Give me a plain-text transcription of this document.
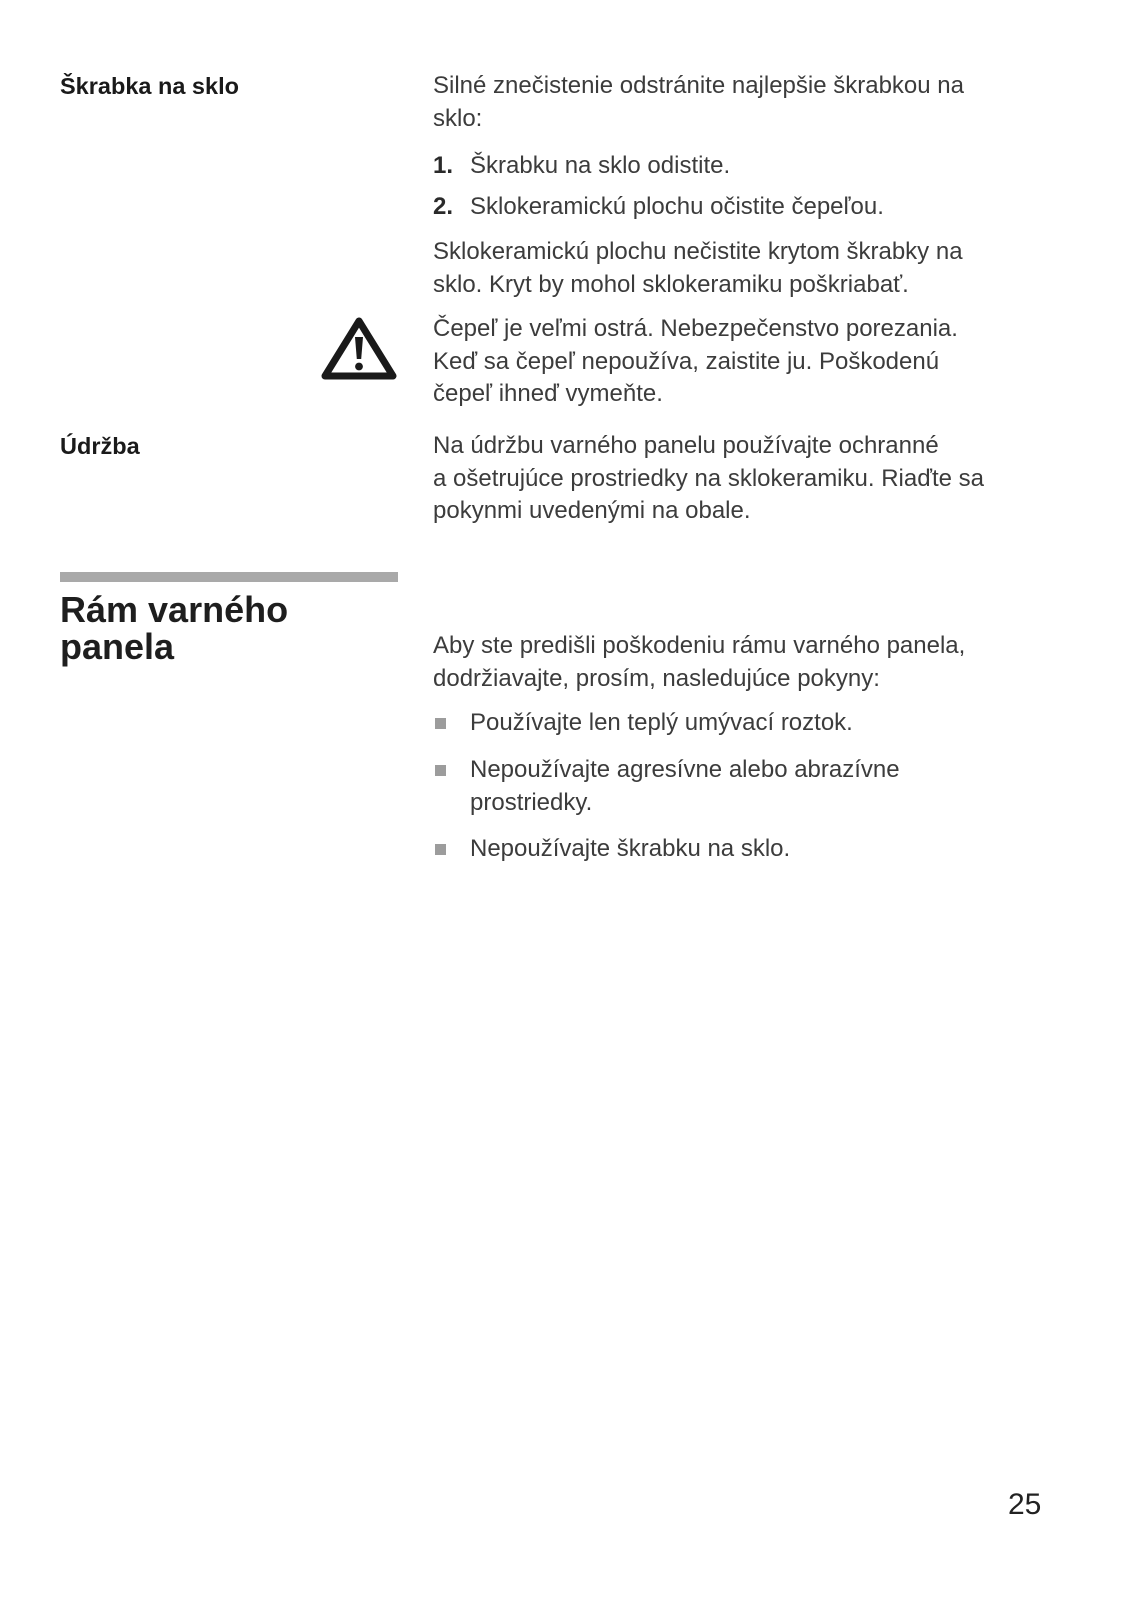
Škrabka na sklo	Silné znečistenie odstránite najlepšie škrabkou na
sklo:
1. Škrabku na sklo odistite.
2. Sklokeramickú plochu očistite čepeľou.
Sklokeramickú plochu nečistite krytom škrabky na
sklo. Kryt by mohol sklokeramiku poškriabať.
Čepeľ je veľmi ostrá. Nebezpečenstvo porezania.
Keď sa čepeľ nepoužíva, zaistite ju. Poškodenú
čepeľ ihneď vymeňte.
Údržba	Na údržbu varného panelu používajte ochranné
a ošetrujúce prostriedky na sklokeramiku. Riaďte sa
pokynmi uvedenými na obale.
Rám varného
panela	Aby ste predišli poškodeniu rámu varného panela,
dodržiavajte, prosím, nasledujúce pokyny:
Používajte len teplý umývací roztok.
Nepoužívajte agresívne alebo abrazívne
prostriedky.
Nepoužívajte škrabku na sklo.
25
